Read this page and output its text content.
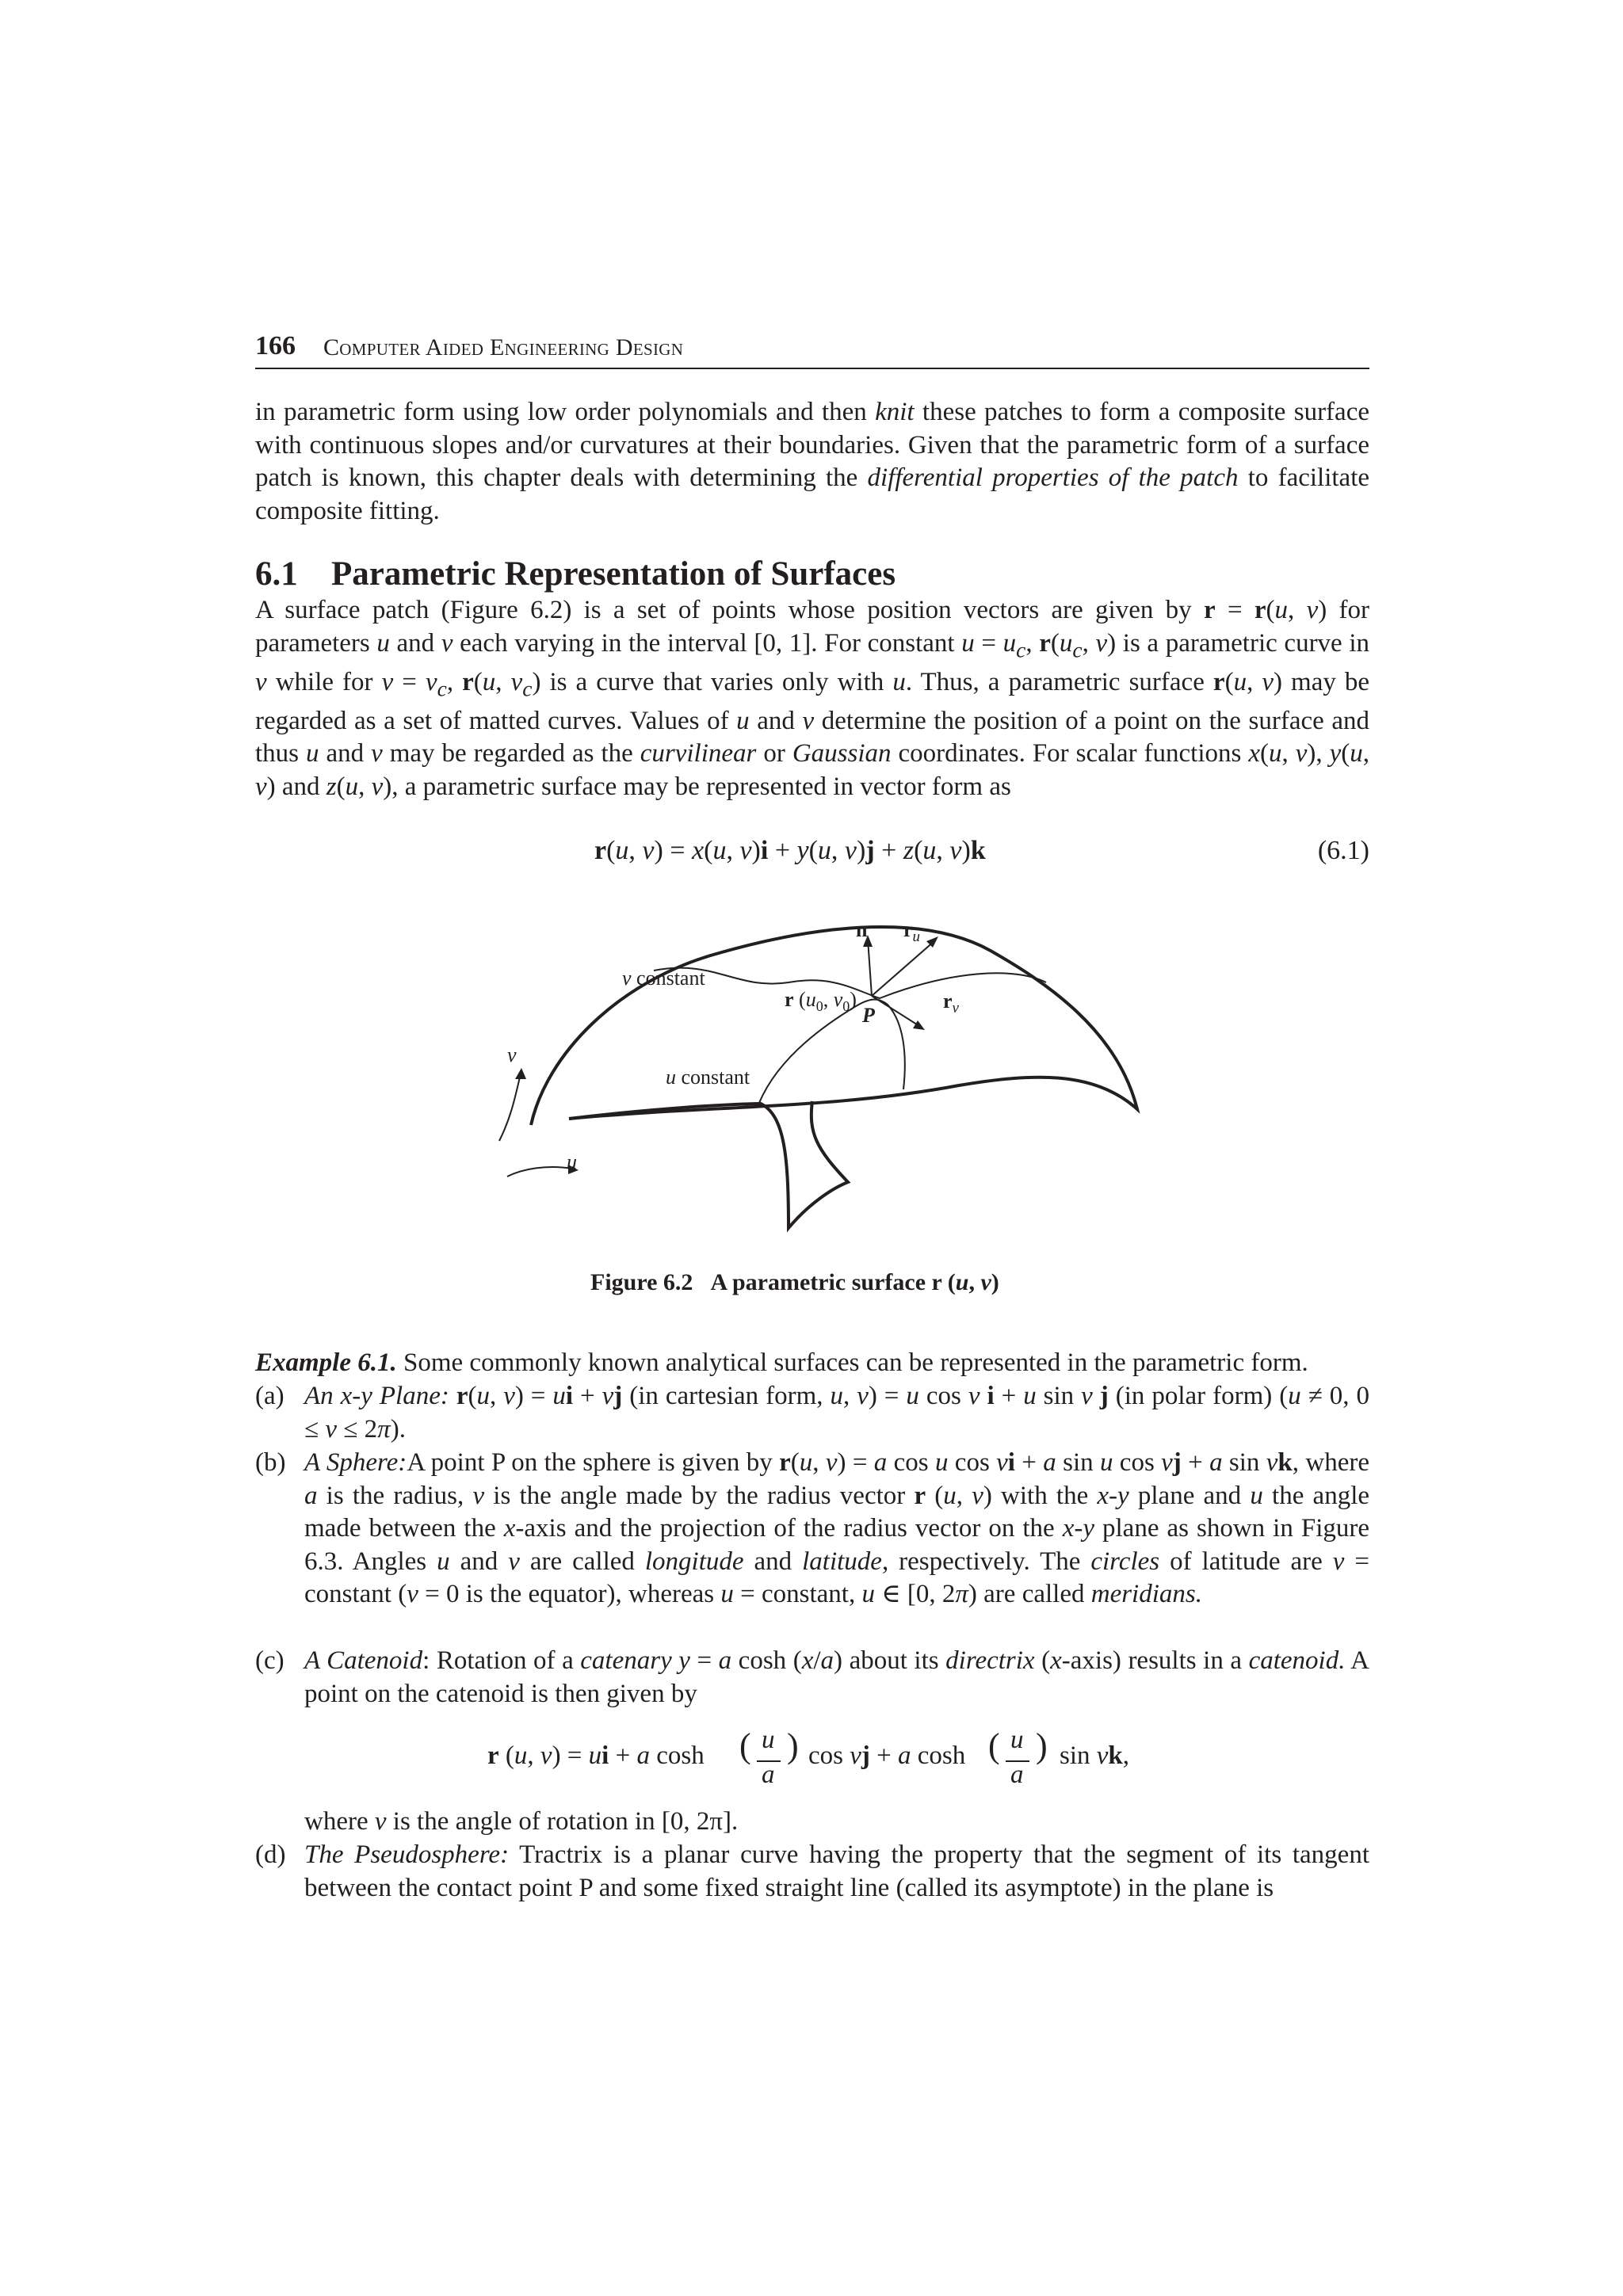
166 Computer Aided Engineering Design
in parametric form using low order polynomials and then knit these patches to form a composite surface with continuous slopes and/or curvatures at their boundaries. Given that the parametric form of a surface patch is known, this chapter deals with determining the differential properties of the patch to facilitate composite fitting.
6.1 Parametric Representation of Surfaces
A surface patch (Figure 6.2) is a set of points whose position vectors are given by r = r(u, v) for parameters u and v each varying in the interval [0, 1]. For constant $u = u_c$, $r(u_c$, v) is a parametric curve in v while for $v = v_c$, r(u, $v_c$) is a curve that varies only with u. Thus, a parametric surface r(u, v) may be regarded as a set of matted curves. Values of u and v determine the position of a point on the surface and thus u and v may be regarded as the curvilinear or Gaussian coordinates. For scalar functions x(u, v), y(u, v) and z(u, v), a parametric surface may be represented in vector form as
r(u, v) = x(u, v)i + y(u, v)j + z(u, v)k	(6.1)
n $r_u$
$r_v$
P
r ($u_0$, $v_0$)
v constant
u constant
v
u
Figure 6.2 A parametric surface r (u, v)
Example 6.1. Some commonly known analytical surfaces can be represented in the parametric form.
(a) An x-y Plane: r(u, v) = ui + vj (in cartesian form, u, v) = u cos v i + u sin v j (in polar form) (u ≠ 0, 0 ≤ v ≤ 2π).
(b) A Sphere:A point P on the sphere is given by r(u, v) = a cos u cos vi + a sin u cos vj + a sin vk, where a is the radius, v is the angle made by the radius vector r (u, v) with the x-y plane and u the angle made between the x-axis and the projection of the radius vector on the x-y plane as shown in Figure 6.3. Angles u and v are called longitude and latitude, respectively. The circles of latitude are v = constant (v = 0 is the equator), whereas u = constant, u ∈ [0, 2π) are called meridians.
(c) A Catenoid: Rotation of a catenary y = a cosh (x/a) about its directrix (x-axis) results in a catenoid. A point on the catenoid is then given by
r (u, v) = ui + a cosh ( u
a
) cos vj + a cosh ( u
a
) sin vk,
where v is the angle of rotation in [0, 2π].
(d) The Pseudosphere: Tractrix is a planar curve having the property that the segment of its tangent between the contact point P and some fixed straight line (called its asymptote) in the plane is
